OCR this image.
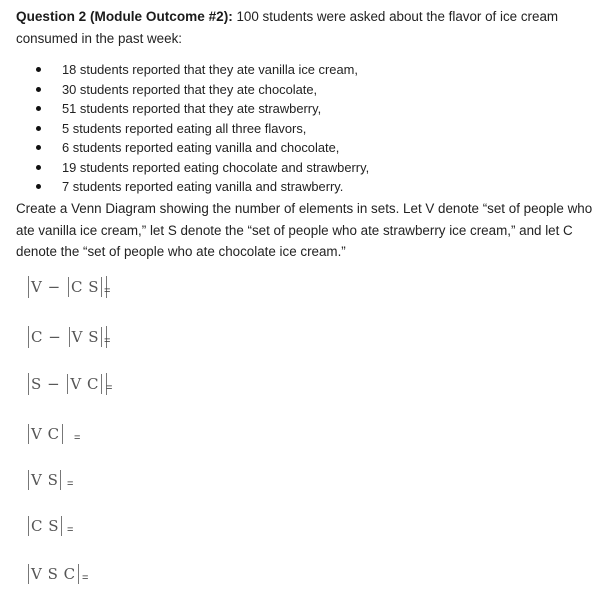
Question 2 (Module Outcome #2): 100 students were asked about the flavor of ice cream consumed in the past week:

18 students reported that they ate vanilla ice cream,
30 students reported that they ate chocolate,
51 students reported that they ate strawberry,
5 students reported eating all three flavors,
6 students reported eating vanilla and chocolate,
19 students reported eating chocolate and strawberry,
7 students reported eating vanilla and strawberry.

Create a Venn Diagram showing the number of elements in sets. Let V denote “set of people who ate vanilla ice cream,” let S denote the “set of people who ate strawberry ice cream,” and let C denote the “set of people who ate chocolate ice cream.”

V − C S =
C − V S =
S − V C =
V C	=
V S =
C S =
V S C =
